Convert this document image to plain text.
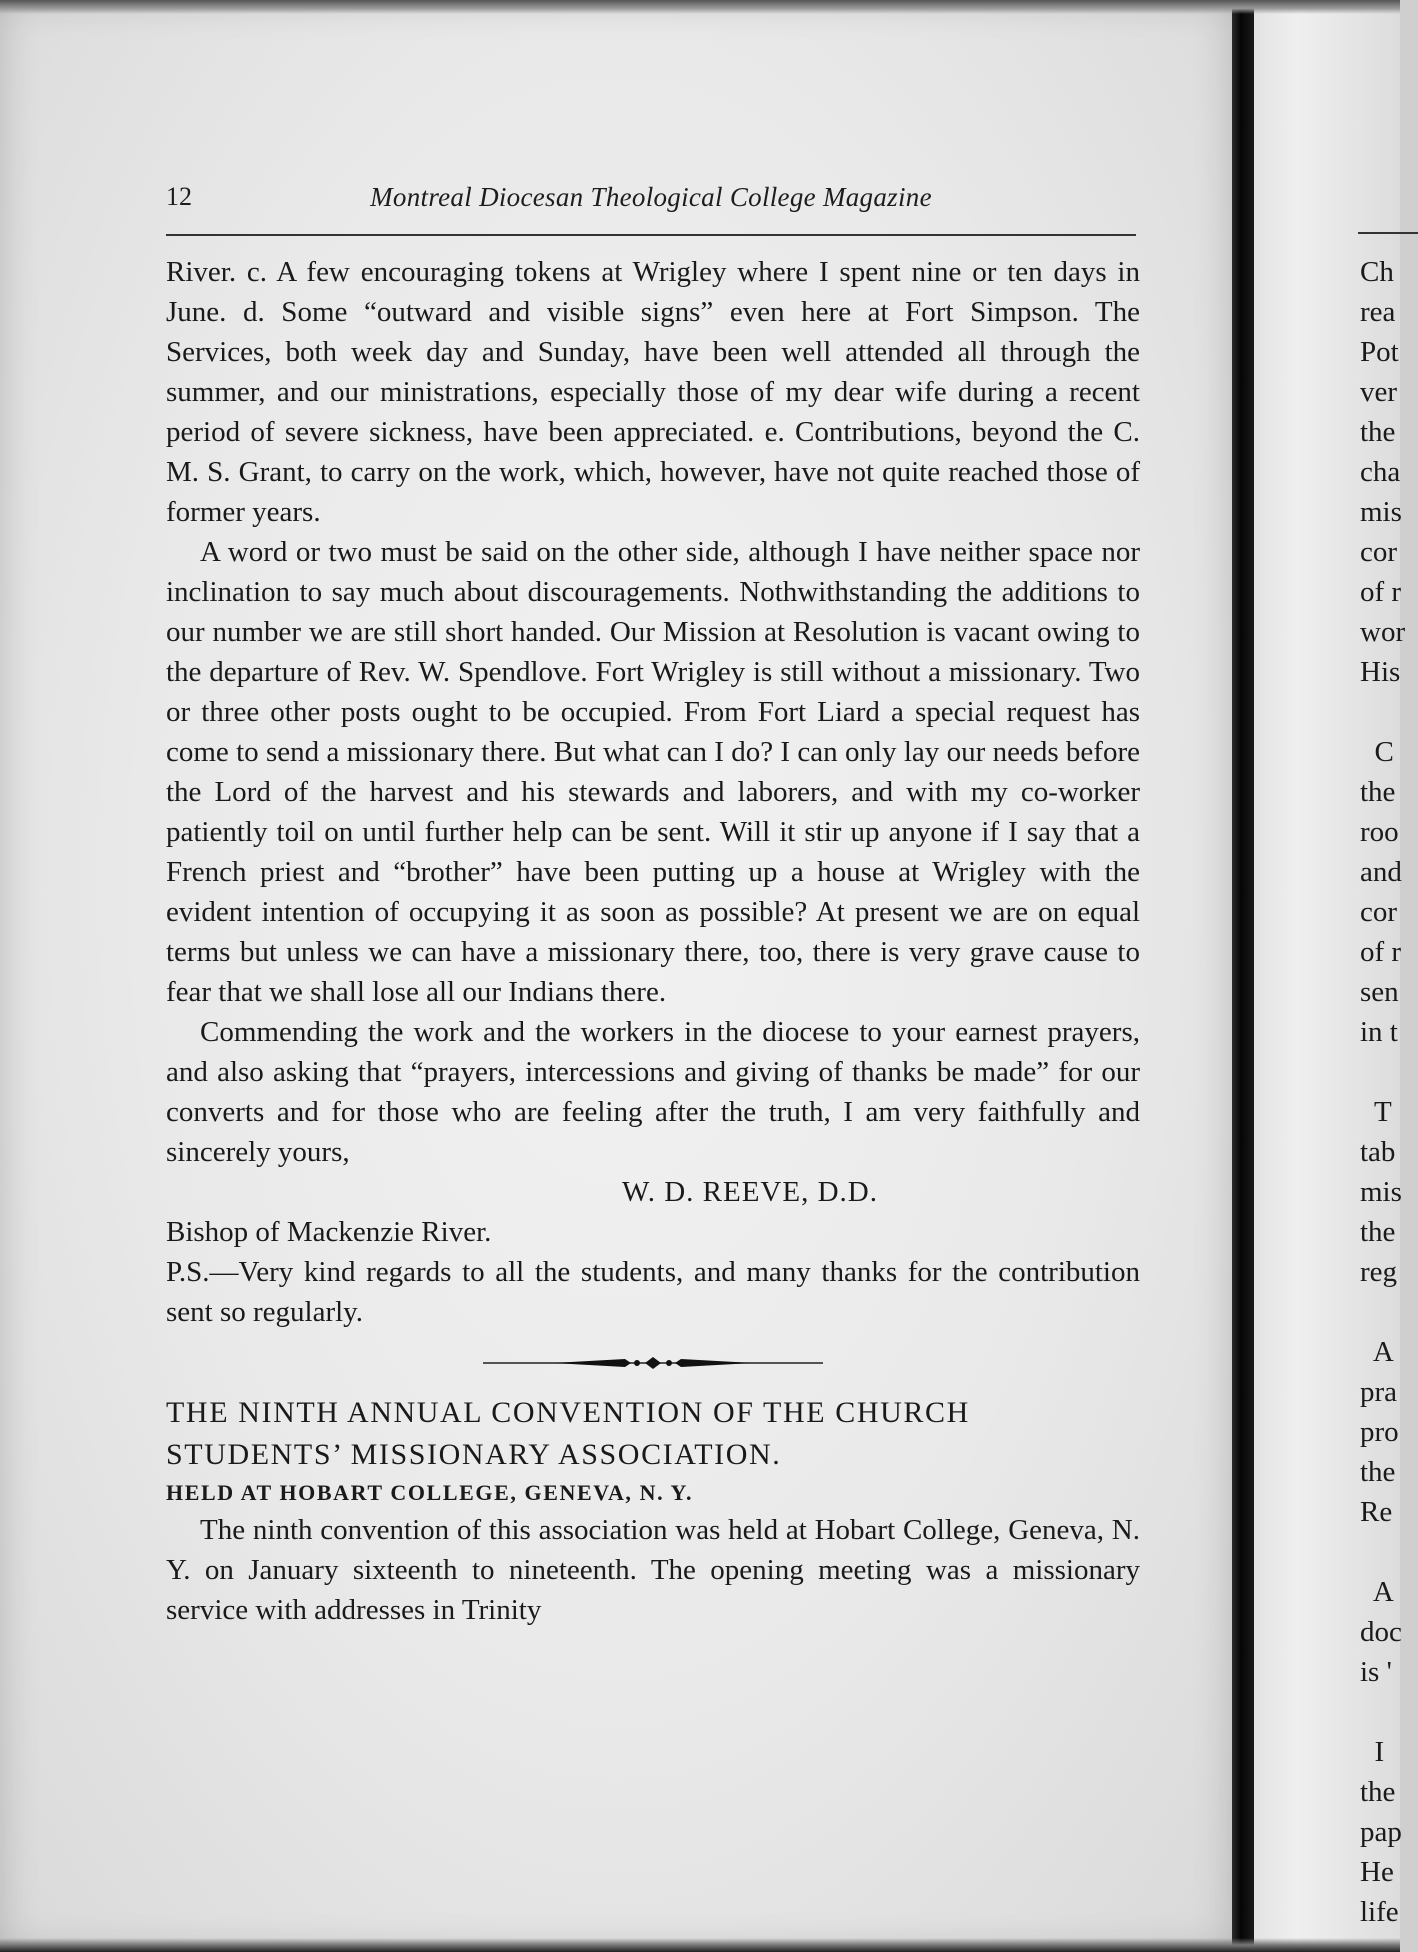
12	Montreal Diocesan Theological College Magazine

River. c. A few encouraging tokens at Wrigley where I spent nine or ten days in June. d. Some “outward and visible signs” even here at Fort Simpson. The Services, both week day and Sunday, have been well attended all through the summer, and our ministrations, especially those of my dear wife during a recent period of severe sickness, have been appreciated. e. Contributions, beyond the C. M. S. Grant, to carry on the work, which, however, have not quite reached those of former years.

A word or two must be said on the other side, although I have neither space nor inclination to say much about discouragements. Nothwithstanding the additions to our number we are still short handed. Our Mission at Resolution is vacant owing to the departure of Rev. W. Spendlove. Fort Wrigley is still without a missionary. Two or three other posts ought to be occupied. From Fort Liard a special request has come to send a missionary there. But what can I do? I can only lay our needs before the Lord of the harvest and his stewards and laborers, and with my co-worker patiently toil on until further help can be sent. Will it stir up anyone if I say that a French priest and “brother” have been putting up a house at Wrigley with the evident intention of occupying it as soon as possible? At present we are on equal terms but unless we can have a missionary there, too, there is very grave cause to fear that we shall lose all our Indians there.

Commending the work and the workers in the diocese to your earnest prayers, and also asking that “prayers, intercessions and giving of thanks be made” for our converts and for those who are feeling after the truth, I am very faithfully and sincerely yours,

W. D. REEVE, D.D.

Bishop of Mackenzie River.

P.S.—Very kind regards to all the students, and many thanks for the contribution sent so regularly.

THE NINTH ANNUAL CONVENTION OF THE CHURCH

STUDENTS’ MISSIONARY ASSOCIATION.

HELD AT HOBART COLLEGE, GENEVA, N. Y.

The ninth convention of this association was held at Hobart College, Geneva, N. Y. on January sixteenth to nineteenth. The opening meeting was a missionary service with addresses in Trinity

Ch
rea
Pot
ver
the
cha
mis
cor
of r
wor
His

C
the
roo
and
cor
of r
sen
in t

T
tab
mis
the
reg

A
pra
pro
the
Re

A
doc
is '

I
the
pap
He
life
